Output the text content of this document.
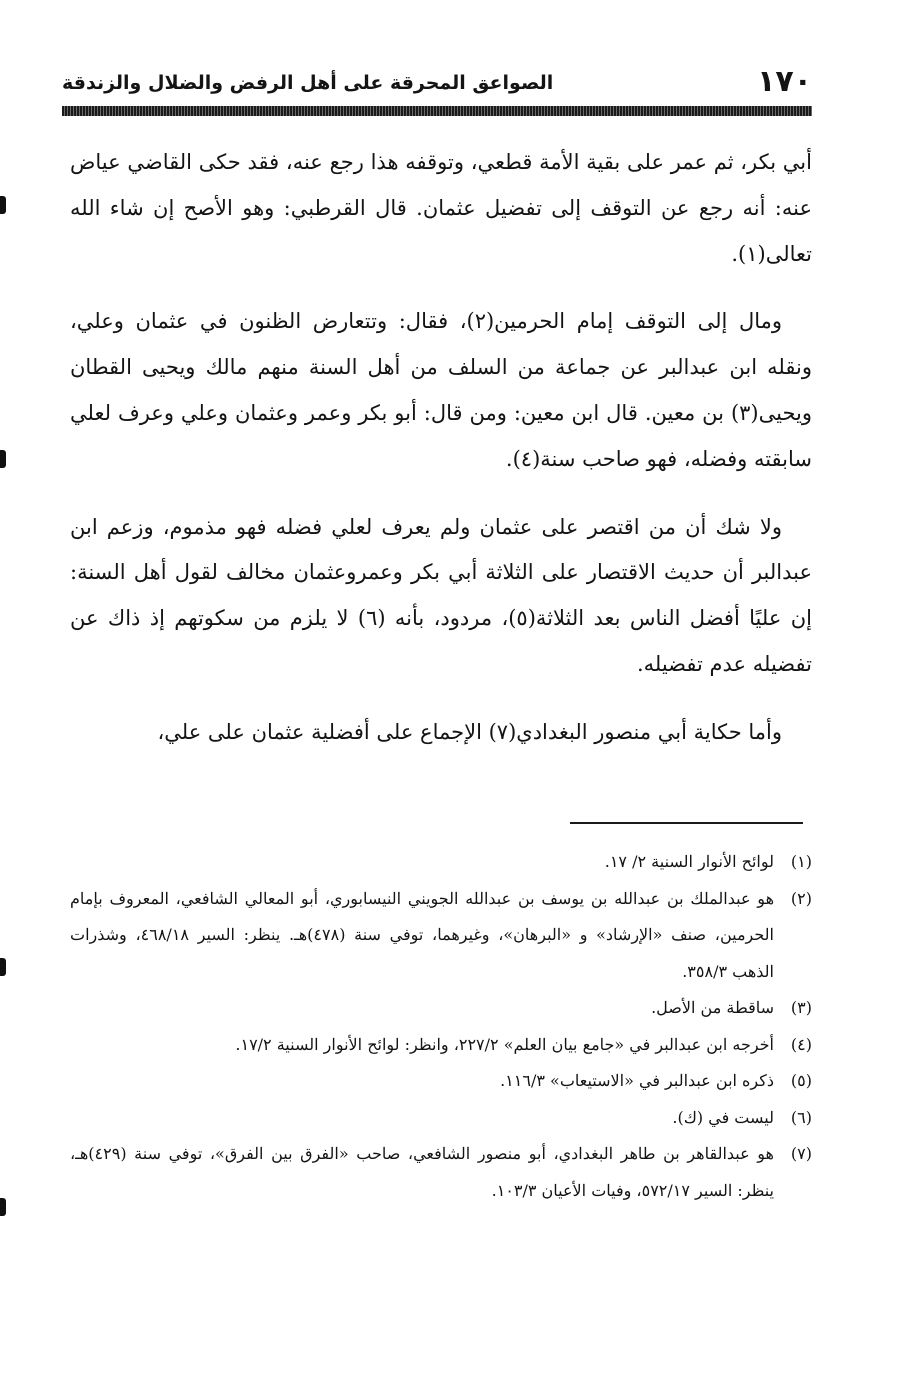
١٧٠
الصواعق المحرقة على أهل الرفض والضلال والزندقة

أبي بكر، ثم عمر على بقية الأمة قطعي، وتوقفه هذا رجع عنه، فقد حكى القاضي عياض عنه: أنه رجع عن التوقف إلى تفضيل عثمان. قال القرطبي: وهو الأصح إن شاء الله تعالى(١).

ومال إلى التوقف إمام الحرمين(٢)، فقال: وتتعارض الظنون في عثمان وعلي، ونقله ابن عبدالبر عن جماعة من السلف من أهل السنة منهم مالك ويحيى القطان ويحيى(٣) بن معين. قال ابن معين: ومن قال: أبو بكر وعمر وعثمان وعلي وعرف لعلي سابقته وفضله، فهو صاحب سنة(٤).

ولا شك أن من اقتصر على عثمان ولم يعرف لعلي فضله فهو مذموم، وزعم ابن عبدالبر أن حديث الاقتصار على الثلاثة أبي بكر وعمروعثمان مخالف لقول أهل السنة: إن عليًا أفضل الناس بعد الثلاثة(٥)، مردود، بأنه (٦) لا يلزم من سكوتهم إذ ذاك عن تفضيله عدم تفضيله.

وأما حكاية أبي منصور البغدادي(٧) الإجماع على أفضلية عثمان على علي،

(١)لوائح الأنوار السنية ٢/ ١٧.

(٢)هو عبدالملك بن عبدالله بن يوسف بن عبدالله الجويني النيسابوري، أبو المعالي الشافعي، المعروف بإمام الحرمين، صنف «الإرشاد» و «البرهان»، وغيرهما، توفي سنة (٤٧٨)هـ. ينظر: السير ٤٦٨/١٨، وشذرات الذهب ٣٥٨/٣.

(٣)ساقطة من الأصل.

(٤)أخرجه ابن عبدالبر في «جامع بيان العلم» ٢٢٧/٢، وانظر: لوائح الأنوار السنية ١٧/٢.

(٥)ذكره ابن عبدالبر في «الاستيعاب» ١١٦/٣.

(٦)ليست في (ك).

(٧)هو عبدالقاهر بن طاهر البغدادي، أبو منصور الشافعي، صاحب «الفرق بين الفرق»، توفي سنة (٤٢٩)هـ، ينظر: السير ٥٧٢/١٧، وفيات الأعيان ١٠٣/٣.
